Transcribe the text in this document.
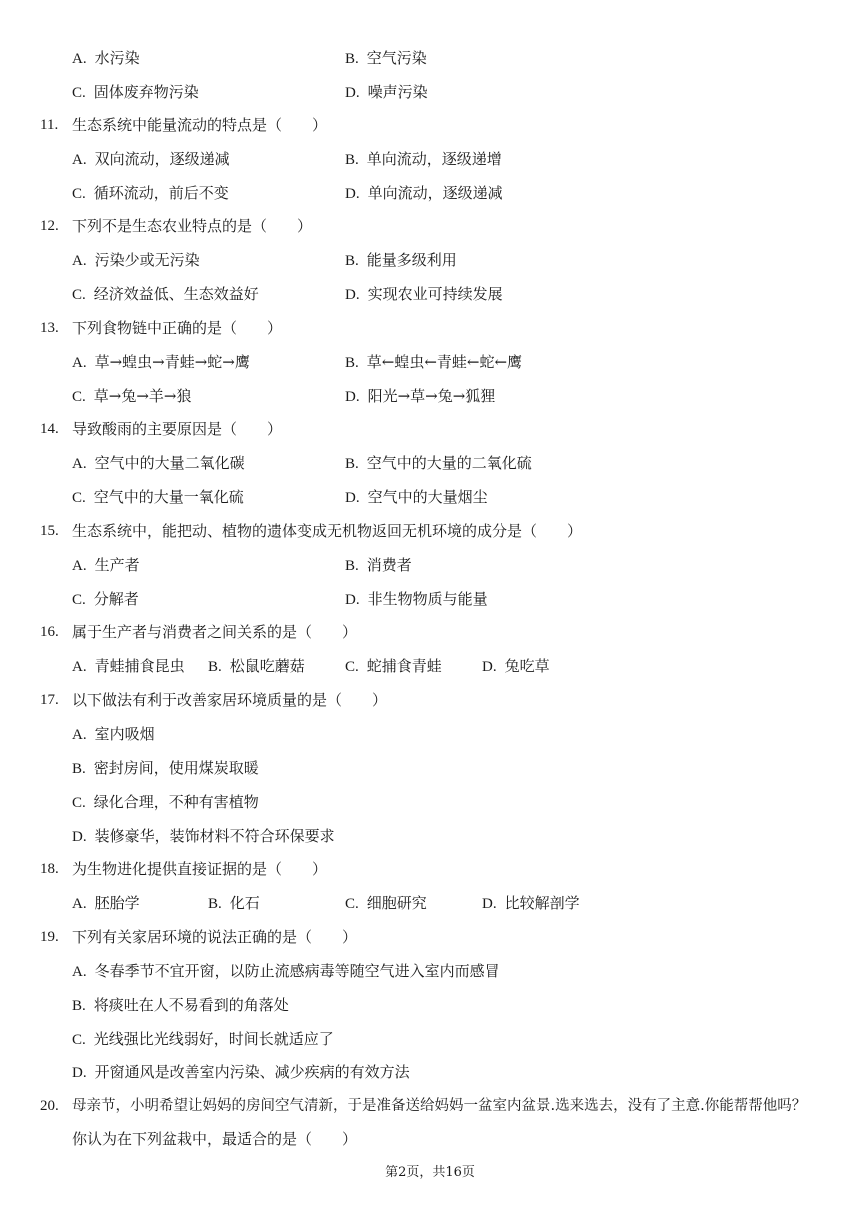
A. 水污染	B. 空气污染
C. 固体废弃物污染	D. 噪声污染
11. 生态系统中能量流动的特点是（　　）
A. 双向流动，逐级递减	B. 单向流动，逐级递增
C. 循环流动，前后不变	D. 单向流动，逐级递减
12. 下列不是生态农业特点的是（　　）
A. 污染少或无污染	B. 能量多级利用
C. 经济效益低、生态效益好	D. 实现农业可持续发展
13. 下列食物链中正确的是（　　）
A. 草→蝗虫→青蛙→蛇→鹰	B. 草←蝗虫←青蛙←蛇←鹰
C. 草→兔→羊→狼	D. 阳光→草→兔→狐狸
14. 导致酸雨的主要原因是（　　）
A. 空气中的大量二氧化碳	B. 空气中的大量的二氧化硫
C. 空气中的大量一氧化硫	D. 空气中的大量烟尘
15. 生态系统中，能把动、植物的遗体变成无机物返回无机环境的成分是（　　）
A. 生产者	B. 消费者
C. 分解者	D. 非生物物质与能量
16. 属于生产者与消费者之间关系的是（　　）
A. 青蛙捕食昆虫 B. 松鼠吃蘑菇	C. 蛇捕食青蛙	D. 兔吃草
17. 以下做法有利于改善家居环境质量的是（　　）
A. 室内吸烟
B. 密封房间，使用煤炭取暖
C. 绿化合理，不种有害植物
D. 装修豪华，装饰材料不符合环保要求
18. 为生物进化提供直接证据的是（　　）
A. 胚胎学	B. 化石	C. 细胞研究	D. 比较解剖学
19. 下列有关家居环境的说法正确的是（　　）
A. 冬春季节不宜开窗，以防止流感病毒等随空气进入室内而感冒
B. 将痰吐在人不易看到的角落处
C. 光线强比光线弱好，时间长就适应了
D. 开窗通风是改善室内污染、减少疾病的有效方法
20. 母亲节，小明希望让妈妈的房间空气清新，于是准备送给妈妈一盆室内盆景.选来选去，没有了主意.你能帮帮他吗？
你认为在下列盆栽中，最适合的是（　　）
第2页，共16页
